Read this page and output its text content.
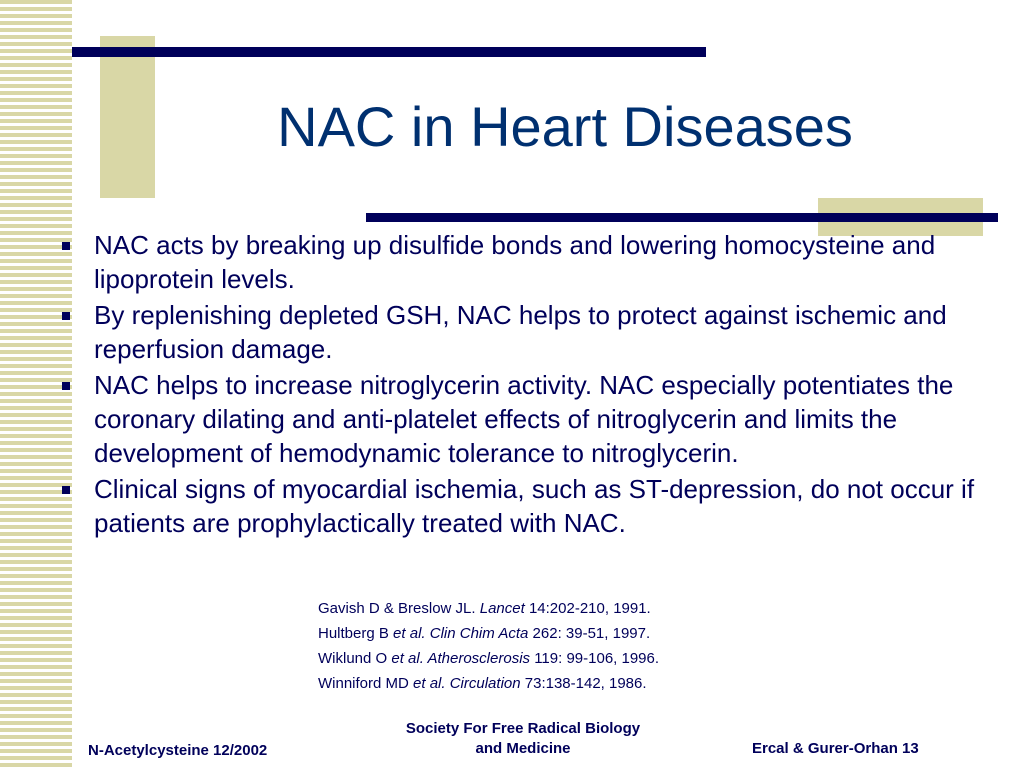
NAC in Heart Diseases
NAC acts by breaking up disulfide bonds and lowering homocysteine and lipoprotein levels.
By replenishing depleted GSH, NAC helps to protect against ischemic and reperfusion damage.
NAC helps to increase nitroglycerin activity. NAC especially potentiates the coronary dilating and anti-platelet effects of nitroglycerin and limits the development of hemodynamic tolerance to nitroglycerin.
Clinical signs of myocardial ischemia, such as ST-depression, do not occur if patients are prophylactically treated with NAC.
Gavish D & Breslow JL. Lancet 14:202-210, 1991.
Hultberg B et al. Clin Chim Acta 262: 39-51, 1997.
Wiklund O et al. Atherosclerosis 119: 99-106, 1996.
Winniford MD et al. Circulation 73:138-142, 1986.
N-Acetylcysteine 12/2002
Society For Free Radical Biology
and Medicine	Ercal & Gurer-Orhan 13
